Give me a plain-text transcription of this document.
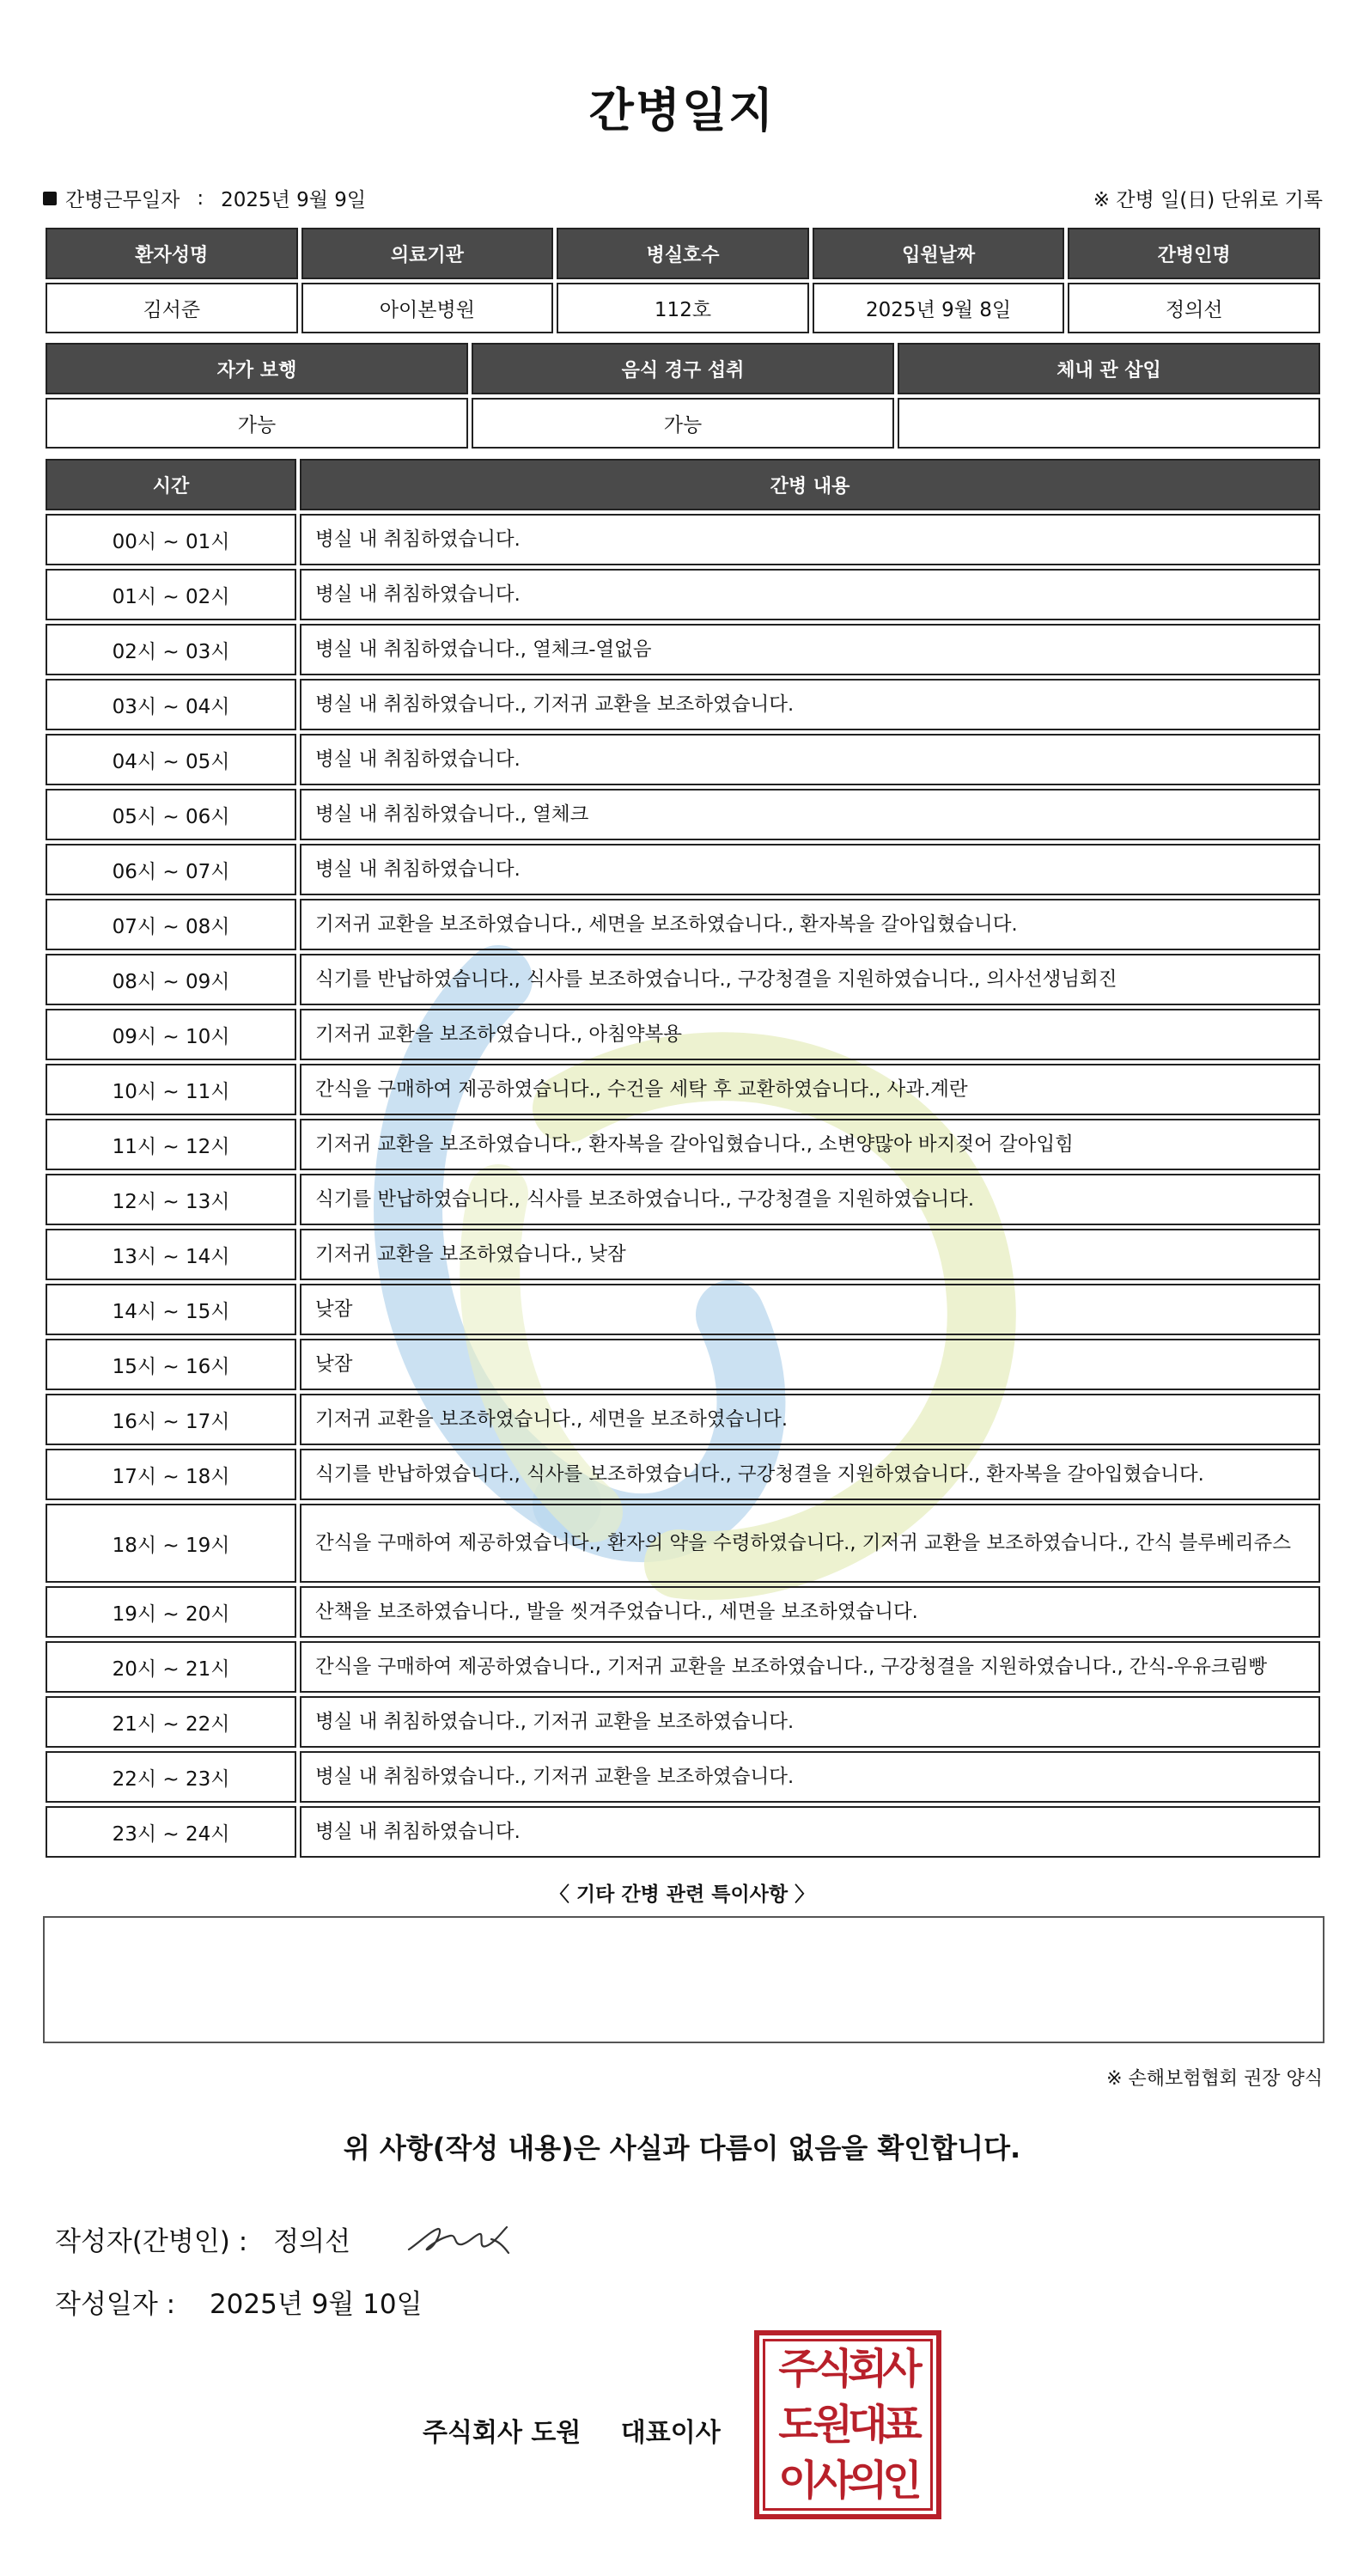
간병일지
간병근무일자 : 2025년 9월 9일	※ 간병 일(日) 단위로 기록
환자성명	의료기관	병실호수	입원날짜	간병인명
김서준	아이본병원	112호	2025년 9월 8일	정의선
자가 보행	음식 경구 섭취	체내 관 삽입
가능	가능	
시간	간병 내용
00시 ~ 01시	병실 내 취침하였습니다.
01시 ~ 02시	병실 내 취침하였습니다.
02시 ~ 03시	병실 내 취침하였습니다., 열체크-열없음
03시 ~ 04시	병실 내 취침하였습니다., 기저귀 교환을 보조하였습니다.
04시 ~ 05시	병실 내 취침하였습니다.
05시 ~ 06시	병실 내 취침하였습니다., 열체크
06시 ~ 07시	병실 내 취침하였습니다.
07시 ~ 08시	기저귀 교환을 보조하였습니다., 세면을 보조하였습니다., 환자복을 갈아입혔습니다.
08시 ~ 09시	식기를 반납하였습니다., 식사를 보조하였습니다., 구강청결을 지원하였습니다., 의사선생님회진
09시 ~ 10시	기저귀 교환을 보조하였습니다., 아침약복용
10시 ~ 11시	간식을 구매하여 제공하였습니다., 수건을 세탁 후 교환하였습니다., 사과.계란
11시 ~ 12시	기저귀 교환을 보조하였습니다., 환자복을 갈아입혔습니다., 소변양많아 바지젖어 갈아입힘
12시 ~ 13시	식기를 반납하였습니다., 식사를 보조하였습니다., 구강청결을 지원하였습니다.
13시 ~ 14시	기저귀 교환을 보조하였습니다., 낮잠
14시 ~ 15시	낮잠
15시 ~ 16시	낮잠
16시 ~ 17시	기저귀 교환을 보조하였습니다., 세면을 보조하였습니다.
17시 ~ 18시	식기를 반납하였습니다., 식사를 보조하였습니다., 구강청결을 지원하였습니다., 환자복을 갈아입혔습니다.
18시 ~ 19시	간식을 구매하여 제공하였습니다., 환자의 약을 수령하였습니다., 기저귀 교환을 보조하였습니다., 간식 블루베리쥬스
19시 ~ 20시	산책을 보조하였습니다., 발을 씻겨주었습니다., 세면을 보조하였습니다.
20시 ~ 21시	간식을 구매하여 제공하였습니다., 기저귀 교환을 보조하였습니다., 구강청결을 지원하였습니다., 간식-우유크림빵
21시 ~ 22시	병실 내 취침하였습니다., 기저귀 교환을 보조하였습니다.
22시 ~ 23시	병실 내 취침하였습니다., 기저귀 교환을 보조하였습니다.
23시 ~ 24시	병실 내 취침하였습니다.
〈 기타 간병 관련 특이사항 〉
※ 손해보험협회 권장 양식
위 사항(작성 내용)은 사실과 다름이 없음을 확인합니다.
작성자(간병인) : 정의선
작성일자 : 2025년 9월 10일
주식회사 도원 대표이사
주식회사
도원대표
이사의인
